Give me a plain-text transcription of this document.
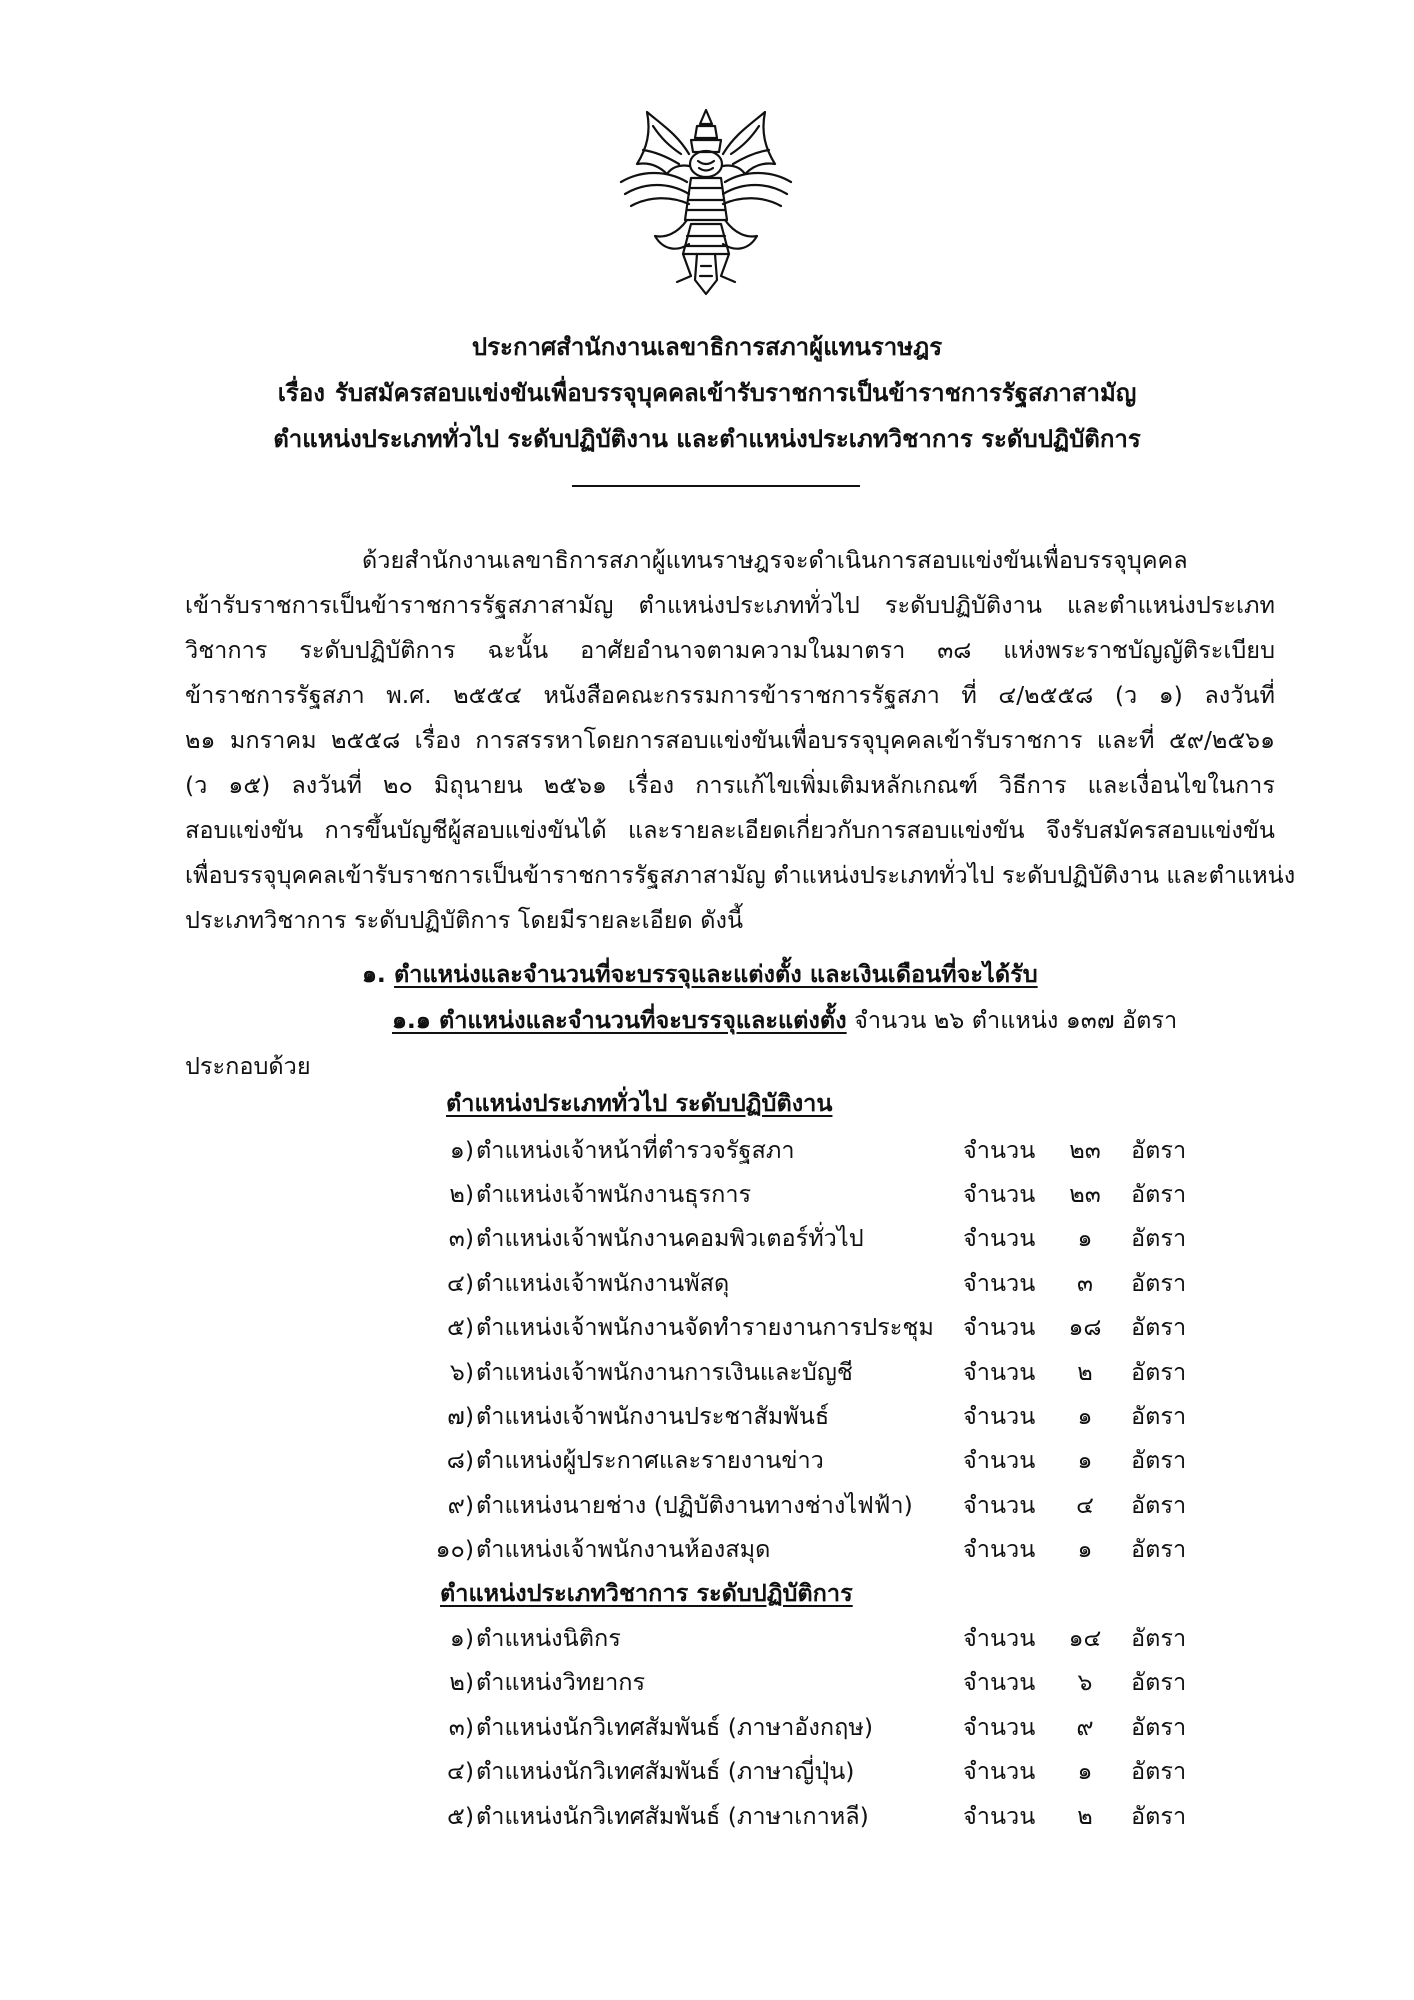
ประกาศสำนักงานเลขาธิการสภาผู้แทนราษฎร
เรื่อง รับสมัครสอบแข่งขันเพื่อบรรจุบุคคลเข้ารับราชการเป็นข้าราชการรัฐสภาสามัญ
ตำแหน่งประเภททั่วไป ระดับปฏิบัติงาน และตำแหน่งประเภทวิชาการ ระดับปฏิบัติการ
ด้วยสำนักงานเลขาธิการสภาผู้แทนราษฎรจะดำเนินการสอบแข่งขันเพื่อบรรจุบุคคล
เข้ารับราชการเป็นข้าราชการรัฐสภาสามัญ ตำแหน่งประเภททั่วไป ระดับปฏิบัติงาน และตำแหน่งประเภท
วิชาการ ระดับปฏิบัติการ ฉะนั้น อาศัยอำนาจตามความในมาตรา ๓๘ แห่งพระราชบัญญัติระเบียบ
ข้าราชการรัฐสภา พ.ศ. ๒๕๕๔ หนังสือคณะกรรมการข้าราชการรัฐสภา ที่ ๔/๒๕๕๘ (ว ๑) ลงวันที่
๒๑ มกราคม ๒๕๕๘ เรื่อง การสรรหาโดยการสอบแข่งขันเพื่อบรรจุบุคคลเข้ารับราชการ และที่ ๕๙/๒๕๖๑
(ว ๑๕) ลงวันที่ ๒๐ มิถุนายน ๒๕๖๑ เรื่อง การแก้ไขเพิ่มเติมหลักเกณฑ์ วิธีการ และเงื่อนไขในการ
สอบแข่งขัน การขึ้นบัญชีผู้สอบแข่งขันได้ และรายละเอียดเกี่ยวกับการสอบแข่งขัน จึงรับสมัครสอบแข่งขัน
เพื่อบรรจุบุคคลเข้ารับราชการเป็นข้าราชการรัฐสภาสามัญ ตำแหน่งประเภททั่วไป ระดับปฏิบัติงาน และตำแหน่ง
ประเภทวิชาการ ระดับปฏิบัติการ โดยมีรายละเอียด ดังนี้
๑. ตำแหน่งและจำนวนที่จะบรรจุและแต่งตั้ง และเงินเดือนที่จะได้รับ
๑.๑ ตำแหน่งและจำนวนที่จะบรรจุและแต่งตั้ง จำนวน ๒๖ ตำแหน่ง ๑๓๗ อัตรา
ประกอบด้วย
ตำแหน่งประเภททั่วไป ระดับปฏิบัติงาน
๑) ตำแหน่งเจ้าหน้าที่ตำรวจรัฐสภา	จำนวน	๒๓	อัตรา
๒) ตำแหน่งเจ้าพนักงานธุรการ	จำนวน	๒๓	อัตรา
๓) ตำแหน่งเจ้าพนักงานคอมพิวเตอร์ทั่วไป	จำนวน	๑	อัตรา
๔) ตำแหน่งเจ้าพนักงานพัสดุ	จำนวน	๓	อัตรา
๕) ตำแหน่งเจ้าพนักงานจัดทำรายงานการประชุม จำนวน	๑๘	อัตรา
๖) ตำแหน่งเจ้าพนักงานการเงินและบัญชี	จำนวน	๒	อัตรา
๗) ตำแหน่งเจ้าพนักงานประชาสัมพันธ์	จำนวน	๑	อัตรา
๘) ตำแหน่งผู้ประกาศและรายงานข่าว	จำนวน	๑	อัตรา
๙) ตำแหน่งนายช่าง (ปฏิบัติงานทางช่างไฟฟ้า) จำนวน	๔	อัตรา
๑๐) ตำแหน่งเจ้าพนักงานห้องสมุด	จำนวน	๑	อัตรา
ตำแหน่งประเภทวิชาการ ระดับปฏิบัติการ
๑) ตำแหน่งนิติกร	จำนวน	๑๔	อัตรา
๒) ตำแหน่งวิทยากร	จำนวน	๖	อัตรา
๓) ตำแหน่งนักวิเทศสัมพันธ์ (ภาษาอังกฤษ)	จำนวน	๙	อัตรา
๔) ตำแหน่งนักวิเทศสัมพันธ์ (ภาษาญี่ปุ่น)	จำนวน	๑	อัตรา
๕) ตำแหน่งนักวิเทศสัมพันธ์ (ภาษาเกาหลี)	จำนวน	๒	อัตรา
